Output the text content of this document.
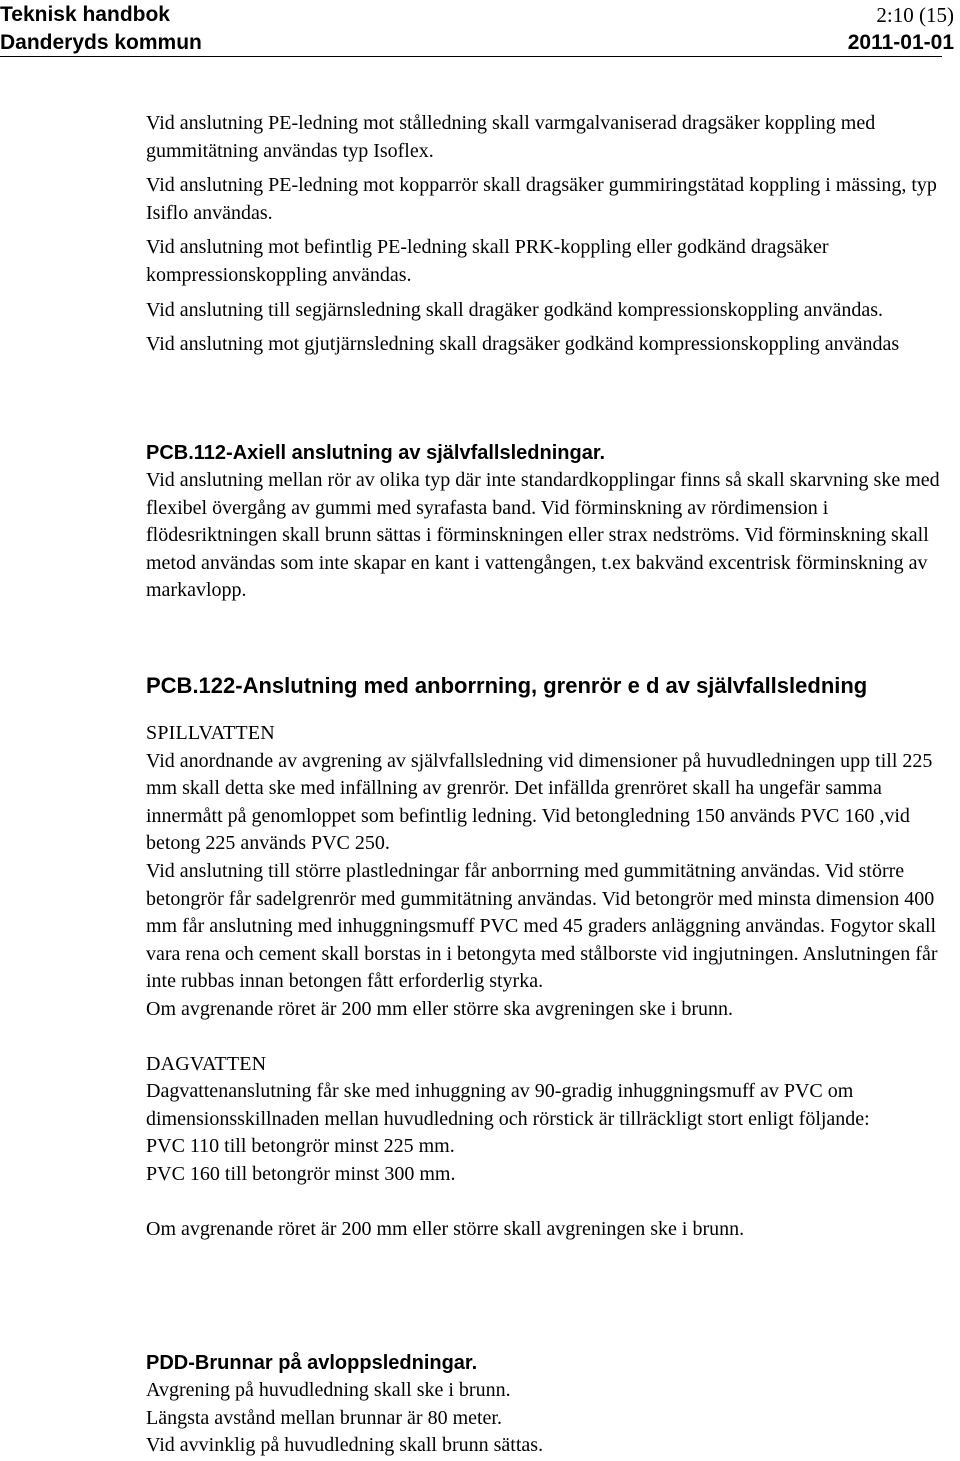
Teknisk handbok	2:10 (15)
Danderyds kommun	2011-01-01

Vid anslutning PE-ledning mot stålledning skall varmgalvaniserad dragsäker koppling med gummitätning användas typ Isoflex.

Vid anslutning PE-ledning mot kopparrör skall dragsäker gummiringstätad koppling i mässing, typ Isiflo användas.

Vid anslutning mot befintlig PE-ledning skall PRK-koppling eller godkänd dragsäker kompressionskoppling användas.

Vid anslutning till segjärnsledning skall dragäker godkänd kompressionskoppling användas.

Vid anslutning mot gjutjärnsledning skall dragsäker godkänd kompressionskoppling användas

PCB.112-Axiell anslutning av självfallsledningar.

Vid anslutning mellan rör av olika typ där inte standardkopplingar finns så skall skarvning ske med flexibel övergång av gummi med syrafasta band. Vid förminskning av rördimension i flödesriktningen skall brunn sättas i förminskningen eller strax nedströms. Vid förminskning skall metod användas som inte skapar en kant i vattengången, t.ex bakvänd excentrisk förminskning av markavlopp.

PCB.122-Anslutning med anborrning, grenrör e d av självfallsledning

SPILLVATTEN

Vid anordnande av avgrening av självfallsledning vid dimensioner på huvudledningen upp till 225 mm skall detta ske med infällning av grenrör. Det infällda grenröret skall ha ungefär samma innermått på genomloppet som befintlig ledning. Vid betongledning 150 används PVC 160 ,vid betong 225 används PVC 250.

Vid anslutning till större plastledningar får anborrning med gummitätning användas. Vid större betongrör får sadelgrenrör med gummitätning användas. Vid betongrör med minsta dimension 400 mm får anslutning med inhuggningsmuff PVC med 45 graders anläggning användas. Fogytor skall vara rena och cement skall borstas in i betongyta med stålborste vid ingjutningen. Anslutningen får inte rubbas innan betongen fått erforderlig styrka.

Om avgrenande röret är 200 mm eller större ska avgreningen ske i brunn.

DAGVATTEN

Dagvattenanslutning får ske med inhuggning av 90-gradig inhuggningsmuff av PVC om dimensionsskillnaden mellan huvudledning och rörstick är tillräckligt stort enligt följande:

PVC 110 till betongrör minst 225 mm.

PVC 160 till betongrör minst 300 mm.

Om avgrenande röret är 200 mm eller större skall avgreningen ske i brunn.

PDD-Brunnar på avloppsledningar.

Avgrening på huvudledning skall ske i brunn.

Längsta avstånd mellan brunnar är 80 meter.

Vid avvinklig på huvudledning skall brunn sättas.
